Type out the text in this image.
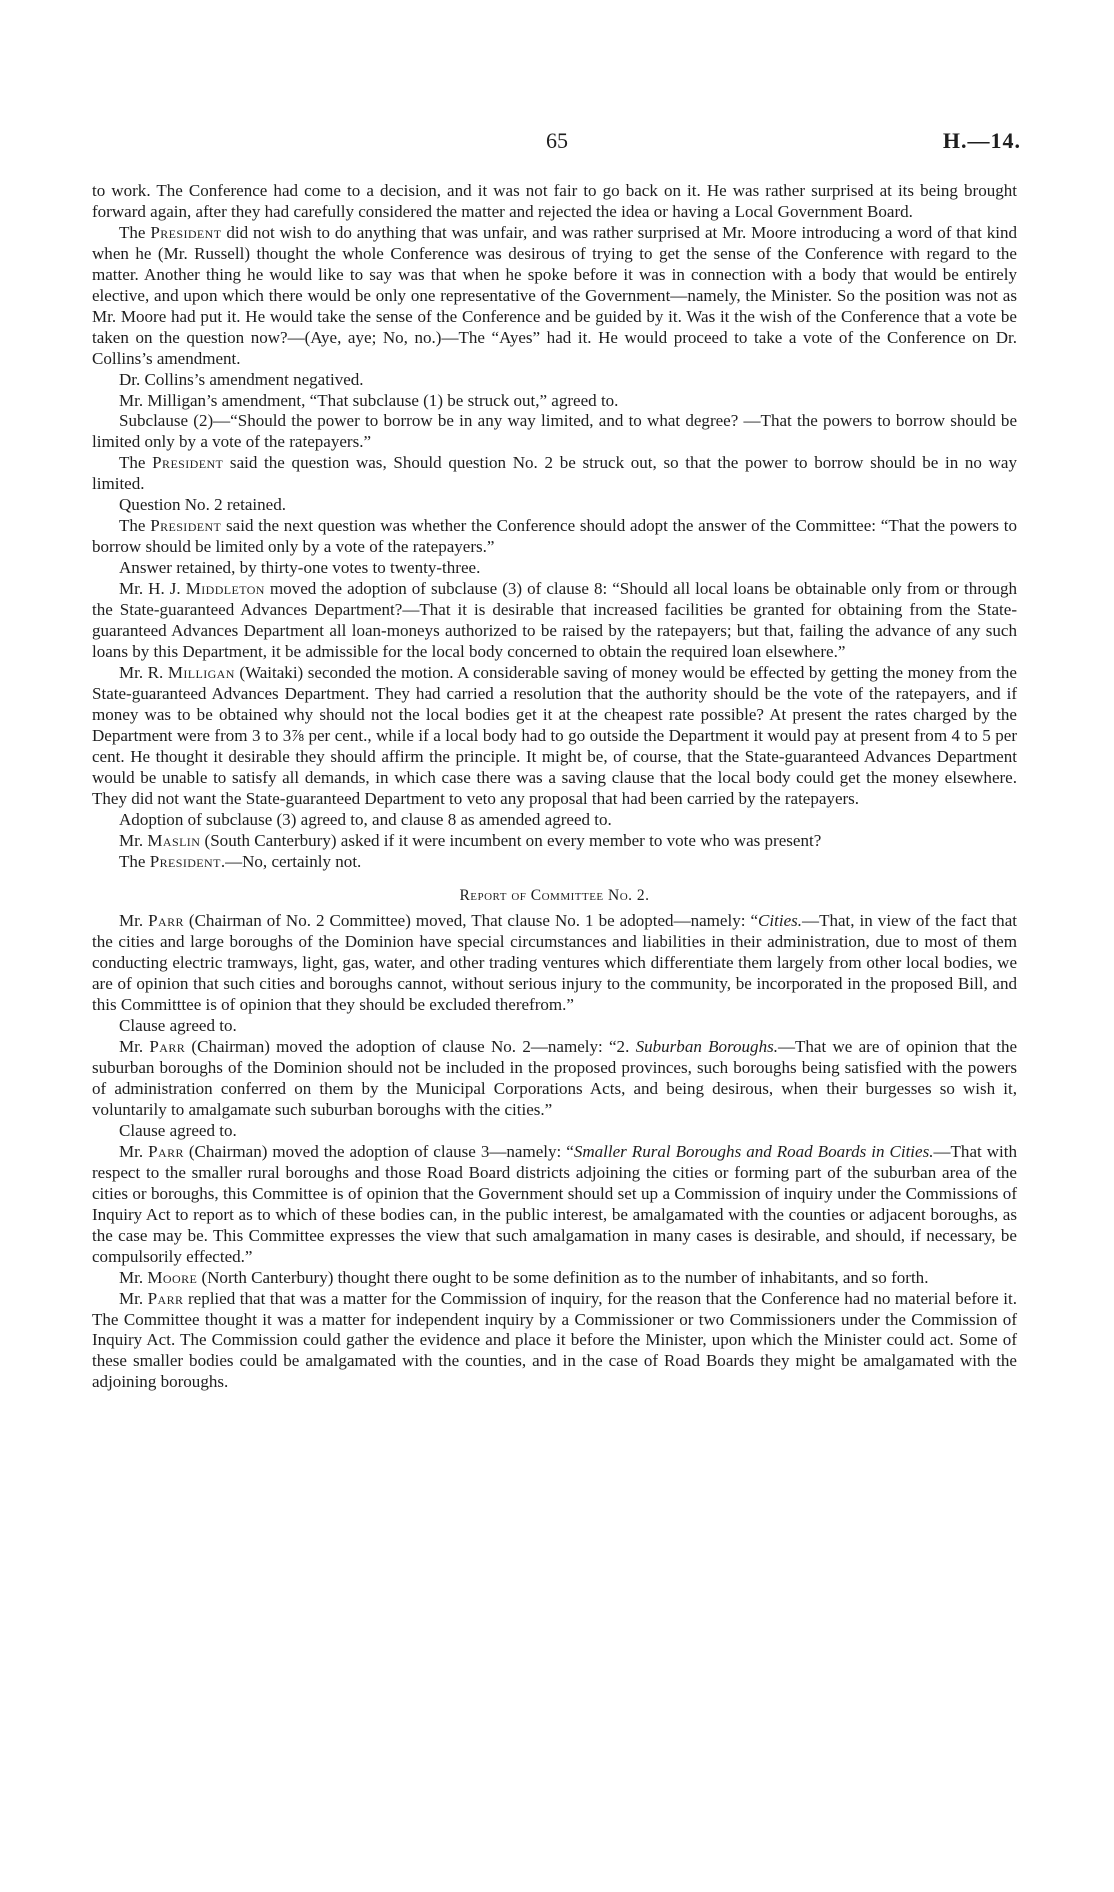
65	H.—14.

to work. The Conference had come to a decision, and it was not fair to go back on it. He was rather surprised at its being brought forward again, after they had carefully considered the matter and rejected the idea or having a Local Government Board.

The President did not wish to do anything that was unfair, and was rather surprised at Mr. Moore introducing a word of that kind when he (Mr. Russell) thought the whole Conference was desirous of trying to get the sense of the Conference with regard to the matter. Another thing he would like to say was that when he spoke before it was in connection with a body that would be entirely elective, and upon which there would be only one representative of the Government—namely, the Minister. So the position was not as Mr. Moore had put it. He would take the sense of the Conference and be guided by it. Was it the wish of the Conference that a vote be taken on the question now?—(Aye, aye; No, no.)—The “Ayes” had it. He would proceed to take a vote of the Conference on Dr. Collins’s amendment.

Dr. Collins’s amendment negatived.

Mr. Milligan’s amendment, “That subclause (1) be struck out,” agreed to.

Subclause (2)—“Should the power to borrow be in any way limited, and to what degree? —That the powers to borrow should be limited only by a vote of the ratepayers.”

The President said the question was, Should question No. 2 be struck out, so that the power to borrow should be in no way limited.

Question No. 2 retained.

The President said the next question was whether the Conference should adopt the answer of the Committee: “That the powers to borrow should be limited only by a vote of the ratepayers.”

Answer retained, by thirty-one votes to twenty-three.

Mr. H. J. Middleton moved the adoption of subclause (3) of clause 8: “Should all local loans be obtainable only from or through the State-guaranteed Advances Department?—That it is desirable that increased facilities be granted for obtaining from the State-guaranteed Advances Department all loan-moneys authorized to be raised by the ratepayers; but that, failing the advance of any such loans by this Department, it be admissible for the local body concerned to obtain the required loan elsewhere.”

Mr. R. Milligan (Waitaki) seconded the motion. A considerable saving of money would be effected by getting the money from the State-guaranteed Advances Department. They had carried a resolution that the authority should be the vote of the ratepayers, and if money was to be obtained why should not the local bodies get it at the cheapest rate possible? At present the rates charged by the Department were from 3 to 3⅞ per cent., while if a local body had to go outside the Department it would pay at present from 4 to 5 per cent. He thought it desirable they should affirm the principle. It might be, of course, that the State-guaranteed Advances Department would be unable to satisfy all demands, in which case there was a saving clause that the local body could get the money elsewhere. They did not want the State-guaranteed Department to veto any proposal that had been carried by the ratepayers.

Adoption of subclause (3) agreed to, and clause 8 as amended agreed to.

Mr. Maslin (South Canterbury) asked if it were incumbent on every member to vote who was present?

The President.—No, certainly not.

Report of Committee No. 2.

Mr. Parr (Chairman of No. 2 Committee) moved, That clause No. 1 be adopted—namely: “Cities.—That, in view of the fact that the cities and large boroughs of the Dominion have special circumstances and liabilities in their administration, due to most of them conducting electric tramways, light, gas, water, and other trading ventures which differentiate them largely from other local bodies, we are of opinion that such cities and boroughs cannot, without serious injury to the community, be incorporated in the proposed Bill, and this Committtee is of opinion that they should be excluded therefrom.”

Clause agreed to.

Mr. Parr (Chairman) moved the adoption of clause No. 2—namely: “2. Suburban Boroughs.—That we are of opinion that the suburban boroughs of the Dominion should not be included in the proposed provinces, such boroughs being satisfied with the powers of administration conferred on them by the Municipal Corporations Acts, and being desirous, when their burgesses so wish it, voluntarily to amalgamate such suburban boroughs with the cities.”

Clause agreed to.

Mr. Parr (Chairman) moved the adoption of clause 3—namely: “Smaller Rural Boroughs and Road Boards in Cities.—That with respect to the smaller rural boroughs and those Road Board districts adjoining the cities or forming part of the suburban area of the cities or boroughs, this Committee is of opinion that the Government should set up a Commission of inquiry under the Commissions of Inquiry Act to report as to which of these bodies can, in the public interest, be amalgamated with the counties or adjacent boroughs, as the case may be. This Committee expresses the view that such amalgamation in many cases is desirable, and should, if necessary, be compulsorily effected.”

Mr. Moore (North Canterbury) thought there ought to be some definition as to the number of inhabitants, and so forth.

Mr. Parr replied that that was a matter for the Commission of inquiry, for the reason that the Conference had no material before it. The Committee thought it was a matter for independent inquiry by a Commissioner or two Commissioners under the Commission of Inquiry Act. The Commission could gather the evidence and place it before the Minister, upon which the Minister could act. Some of these smaller bodies could be amalgamated with the counties, and in the case of Road Boards they might be amalgamated with the adjoining boroughs.
